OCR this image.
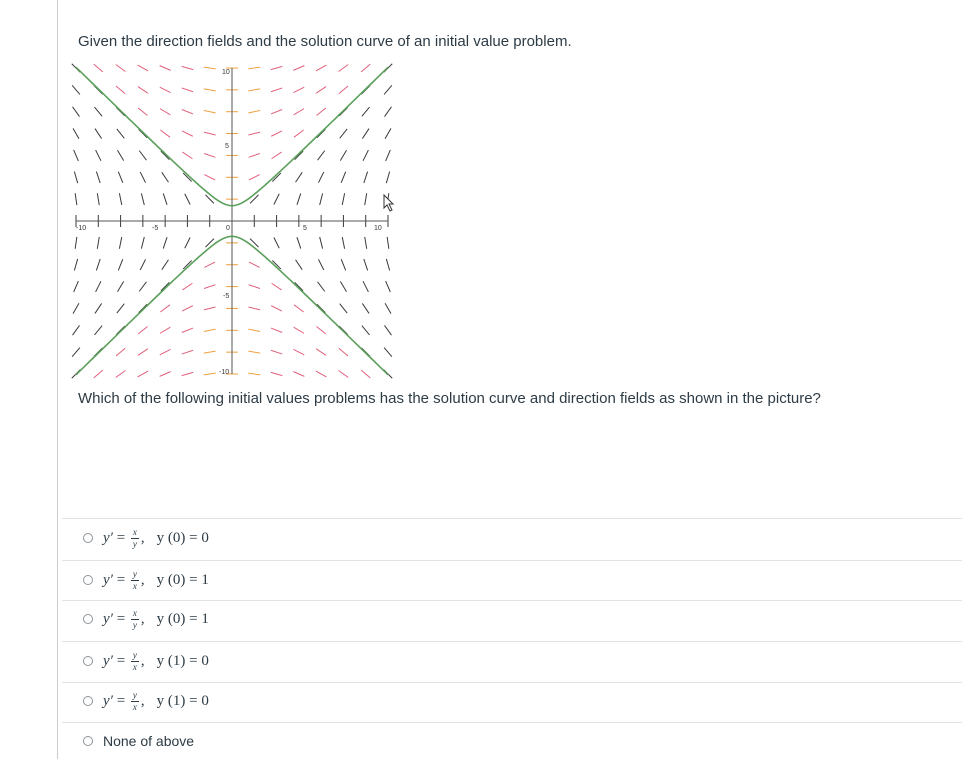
Given the direction fields and the solution curve of an initial value problem.
-10	-5	0	5	10
10
5
-5
-10
Which of the following initial values problems has the solution curve and direction fields as shown in the picture?
y′
=
$\frac{x}{y}$ , y (0) = 0
y′
=
$\frac{y}{x}$ , y (0) = 1
y′
=
$\frac{x}{y}$ , y (0) = 1
y′
=
$\frac{y}{x}$ , y (1) = 0
y′
=
$\frac{y}{x}$ , y (1) = 0
None of above
